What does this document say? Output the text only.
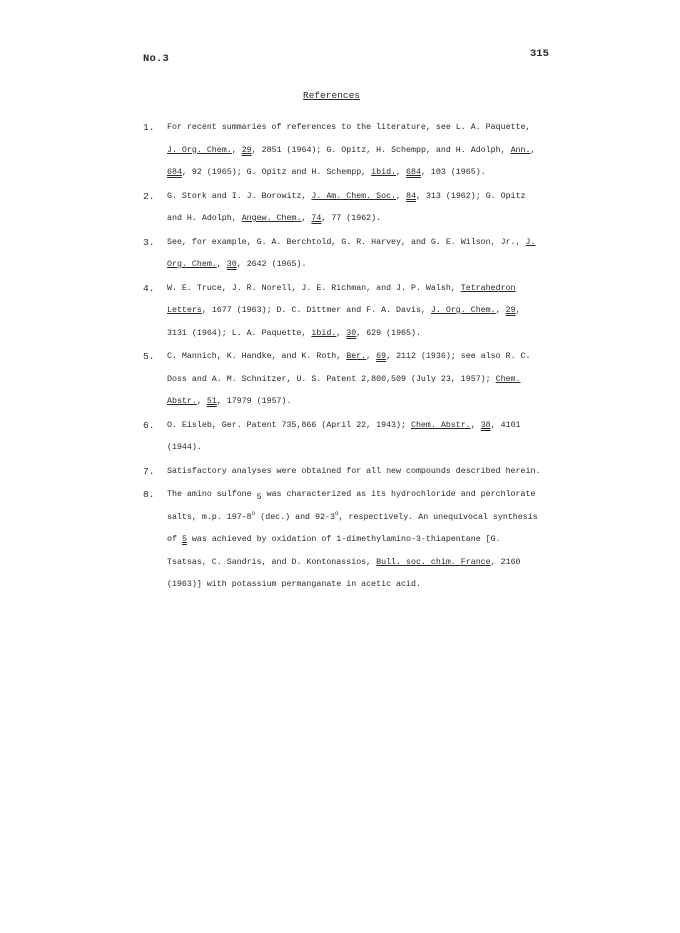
No.3	315
References
1.	For recent summaries of references to the literature, see L. A. Paquette, J. Org. Chem., 29, 2851 (1964); G. Opitz, H. Schempp, and H. Adolph, Ann., 684, 92 (1965); G. Opitz and H. Schempp, ibid., 684, 103 (1965).
2.	G. Stork and I. J. Borowitz, J. Am. Chem. Soc., 84, 313 (1962); G. Opitz and H. Adolph, Angew. Chem., 74, 77 (1962).
3.	See, for example, G. A. Berchtold, G. R. Harvey, and G. E. Wilson, Jr., J. Org. Chem., 30, 2642 (1965).
4.	W. E. Truce, J. R. Norell, J. E. Richman, and J. P. Walsh, Tetrahedron Letters, 1677 (1963); D. C. Dittmer and F. A. Davis, J. Org. Chem., 29, 3131 (1964); L. A. Paquette, ibid., 30, 629 (1965).
5.	C. Mannich, K. Handke, and K. Roth, Ber., 69, 2112 (1936); see also R. C. Doss and A. M. Schnitzer, U. S. Patent 2,800,509 (July 23, 1957); Chem. Abstr., 51, 17979 (1957).
6.	O. Eisleb, Ger. Patent 735,866 (April 22, 1943); Chem. Abstr., 38, 4101 (1944).
7.	Satisfactory analyses were obtained for all new compounds described herein.
8.	The amino sulfone 5 was characterized as its hydrochloride and perchlorate salts, m.p. 197-8$^o$ (dec.) and 92-3$^o$, respectively. An unequivocal synthesis of 5 was achieved by oxidation of 1-dimethylamino-3-thiapentane [G. Tsatsas, C. Sandris, and D. Kontonassios, Bull. soc. chim. France, 2160 (1963)] with potassium permanganate in acetic acid.
